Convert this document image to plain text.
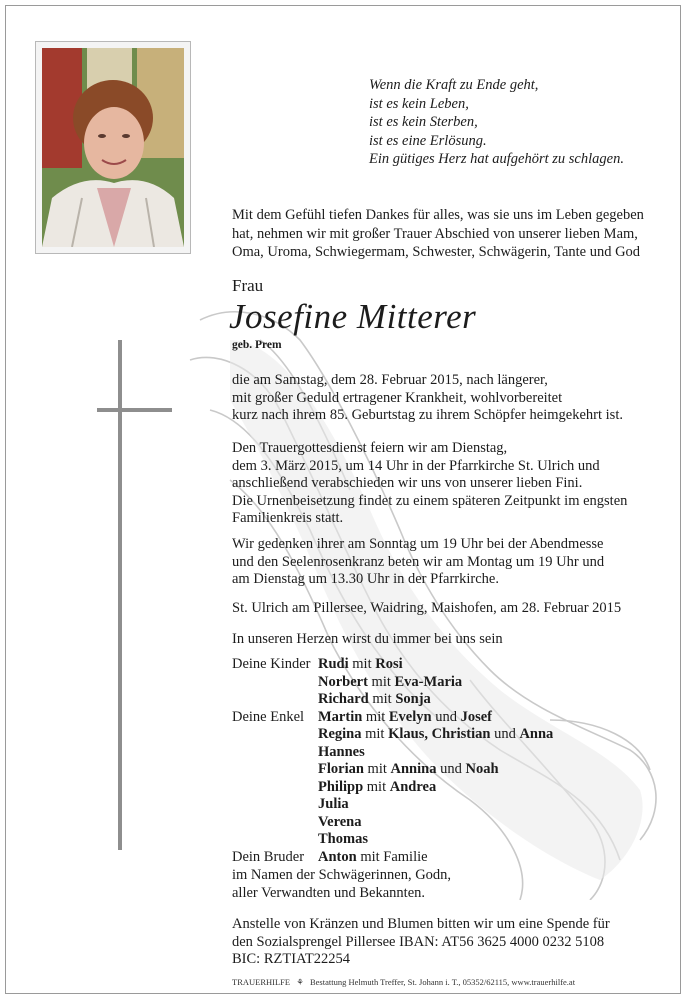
Wenn die Kraft zu Ende geht,
ist es kein Leben,
ist es kein Sterben,
ist es eine Erlösung.
Ein gütiges Herz hat aufgehört zu schlagen.
Mit dem Gefühl tiefen Dankes für alles, was sie uns im Leben gegeben
hat, nehmen wir mit großer Trauer Abschied von unserer lieben Mam,
Oma, Uroma, Schwiegermam, Schwester, Schwägerin, Tante und God
Frau
Josefine Mitterer
geb. Prem
die am Samstag, dem 28. Februar 2015, nach längerer,
mit großer Geduld ertragener Krankheit, wohlvorbereitet
kurz nach ihrem 85. Geburtstag zu ihrem Schöpfer heimgekehrt ist.
Den Trauergottesdienst feiern wir am Dienstag,
dem 3. März 2015, um 14 Uhr in der Pfarrkirche St. Ulrich und
anschließend verabschieden wir uns von unserer lieben Fini.
Die Urnenbeisetzung findet zu einem späteren Zeitpunkt im engsten
Familienkreis statt.
Wir gedenken ihrer am Sonntag um 19 Uhr bei der Abendmesse
und den Seelenrosenkranz beten wir am Montag um 19 Uhr und
am Dienstag um 13.30 Uhr in der Pfarrkirche.
St. Ulrich am Pillersee, Waidring, Maishofen, am 28. Februar 2015
In unseren Herzen wirst du immer bei uns sein
Deine Kinder Rudi mit Rosi
Norbert mit Eva-Maria
Richard mit Sonja
Deine Enkel Martin mit Evelyn und Josef
Regina mit Klaus, Christian und Anna
Hannes
Florian mit Annina und Noah
Philipp mit Andrea
Julia
Verena
Thomas
Dein Bruder Anton mit Familie
im Namen der Schwägerinnen, Godn,
aller Verwandten und Bekannten.
Anstelle von Kränzen und Blumen bitten wir um eine Spende für
den Sozialsprengel Pillersee IBAN: AT56 3625 4000 0232 5108
BIC: RZTIAT22254
TRAUERHILFE ⚘ Bestattung Helmuth Treffer, St. Johann i. T., 05352/62115, www.trauerhilfe.at
